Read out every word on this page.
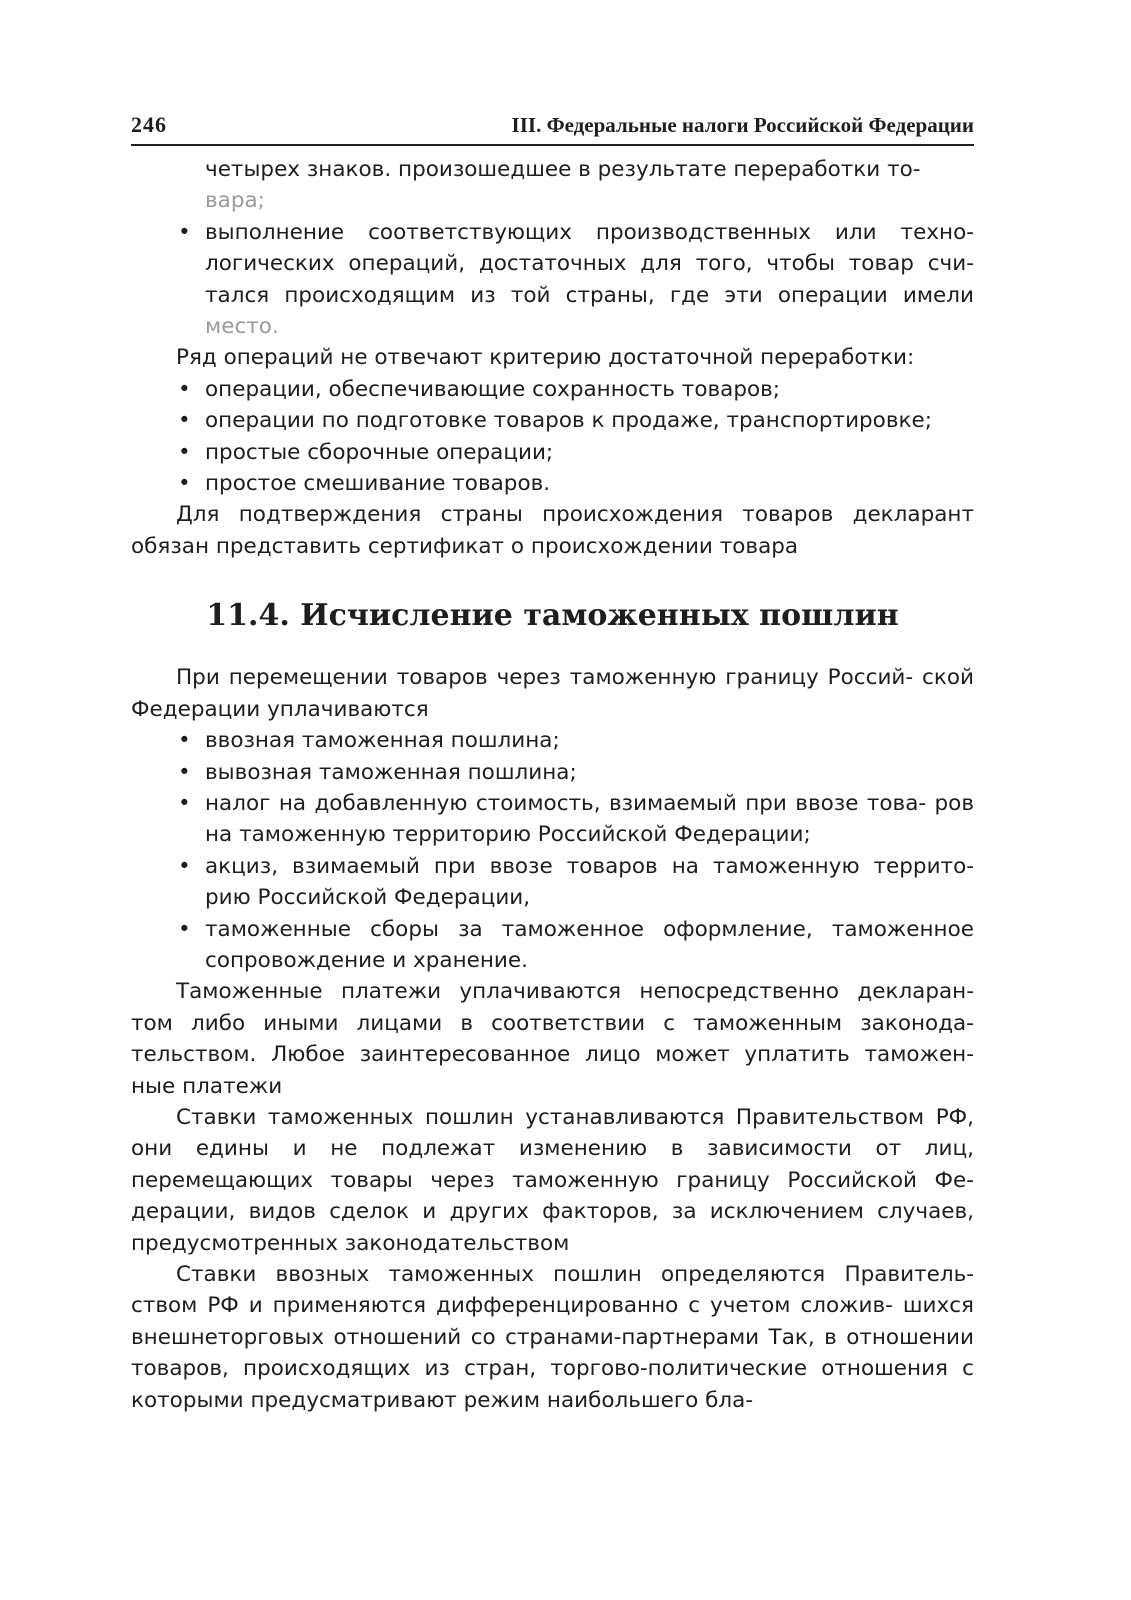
246	III. Федеральные налоги Российской Федерации
четырех знаков. произошедшее в результате переработки то-
вара;
• выполнение соответствующих производственных или техно- логических операций, достаточных для того, чтобы товар счи- тался происходящим из той страны, где эти операции имели место.

Ряд операций не отвечают критерию достаточной переработки:

• операции, обеспечивающие сохранность товаров;
• операции по подготовке товаров к продаже, транспортировке;
• простые сборочные операции;
• простое смешивание товаров.

Для подтверждения страны происхождения товаров декларант обязан представить сертификат о происхождении товара

11.4. Исчисление таможенных пошлин

При перемещении товаров через таможенную границу Россий- ской Федерации уплачиваются

• ввозная таможенная пошлина;
• вывозная таможенная пошлина;
• налог на добавленную стоимость, взимаемый при ввозе това- ров на таможенную территорию Российской Федерации;
• акциз, взимаемый при ввозе товаров на таможенную террито- рию Российской Федерации,
• таможенные сборы за таможенное оформление, таможенное сопровождение и хранение.

Таможенные платежи уплачиваются непосредственно декларан- том либо иными лицами в соответствии с таможенным законода- тельством. Любое заинтересованное лицо может уплатить таможен- ные платежи

Ставки таможенных пошлин устанавливаются Правительством РФ, они едины и не подлежат изменению в зависимости от лиц, перемещающих товары через таможенную границу Российской Фе- дерации, видов сделок и других факторов, за исключением случаев, предусмотренных законодательством

Ставки ввозных таможенных пошлин определяются Правитель- ством РФ и применяются дифференцированно с учетом сложив- шихся внешнеторговых отношений со странами-партнерами Так, в отношении товаров, происходящих из стран, торгово-политические отношения с которыми предусматривают режим наибольшего бла-
